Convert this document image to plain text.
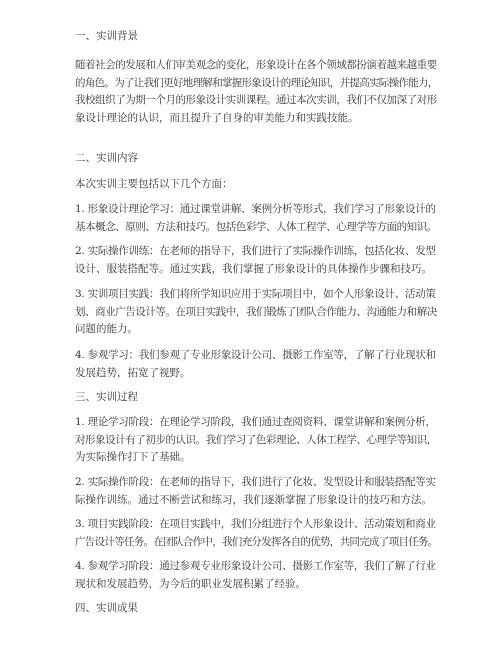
一、实训背景
随着社会的发展和人们审美观念的变化，形象设计在各个领域都扮演着越来越重要
的角色。为了让我们更好地理解和掌握形象设计的理论知识，并提高实际操作能力，
我校组织了为期一个月的形象设计实训课程。通过本次实训，我们不仅加深了对形
象设计理论的认识，而且提升了自身的审美能力和实践技能。
二、实训内容
本次实训主要包括以下几个方面：
1. 形象设计理论学习：通过课堂讲解、案例分析等形式，我们学习了形象设计的
基本概念、原则、方法和技巧。包括色彩学、人体工程学、心理学等方面的知识。
2. 实际操作训练：在老师的指导下，我们进行了实际操作训练，包括化妆、发型
设计、服装搭配等。通过实践，我们掌握了形象设计的具体操作步骤和技巧。
3. 实训项目实践：我们将所学知识应用于实际项目中，如个人形象设计、活动策
划、商业广告设计等。在项目实践中，我们锻炼了团队合作能力、沟通能力和解决
问题的能力。
4. 参观学习：我们参观了专业形象设计公司、摄影工作室等，了解了行业现状和
发展趋势，拓宽了视野。
三、实训过程
1. 理论学习阶段：在理论学习阶段，我们通过查阅资料、课堂讲解和案例分析，
对形象设计有了初步的认识。我们学习了色彩理论、人体工程学、心理学等知识，
为实际操作打下了基础。
2. 实际操作阶段：在老师的指导下，我们进行了化妆、发型设计和服装搭配等实
际操作训练。通过不断尝试和练习，我们逐渐掌握了形象设计的技巧和方法。
3. 项目实践阶段：在项目实践中，我们分组进行个人形象设计、活动策划和商业
广告设计等任务。在团队合作中，我们充分发挥各自的优势，共同完成了项目任务。
4. 参观学习阶段：通过参观专业形象设计公司、摄影工作室等，我们了解了行业
现状和发展趋势，为今后的职业发展积累了经验。
四、实训成果
